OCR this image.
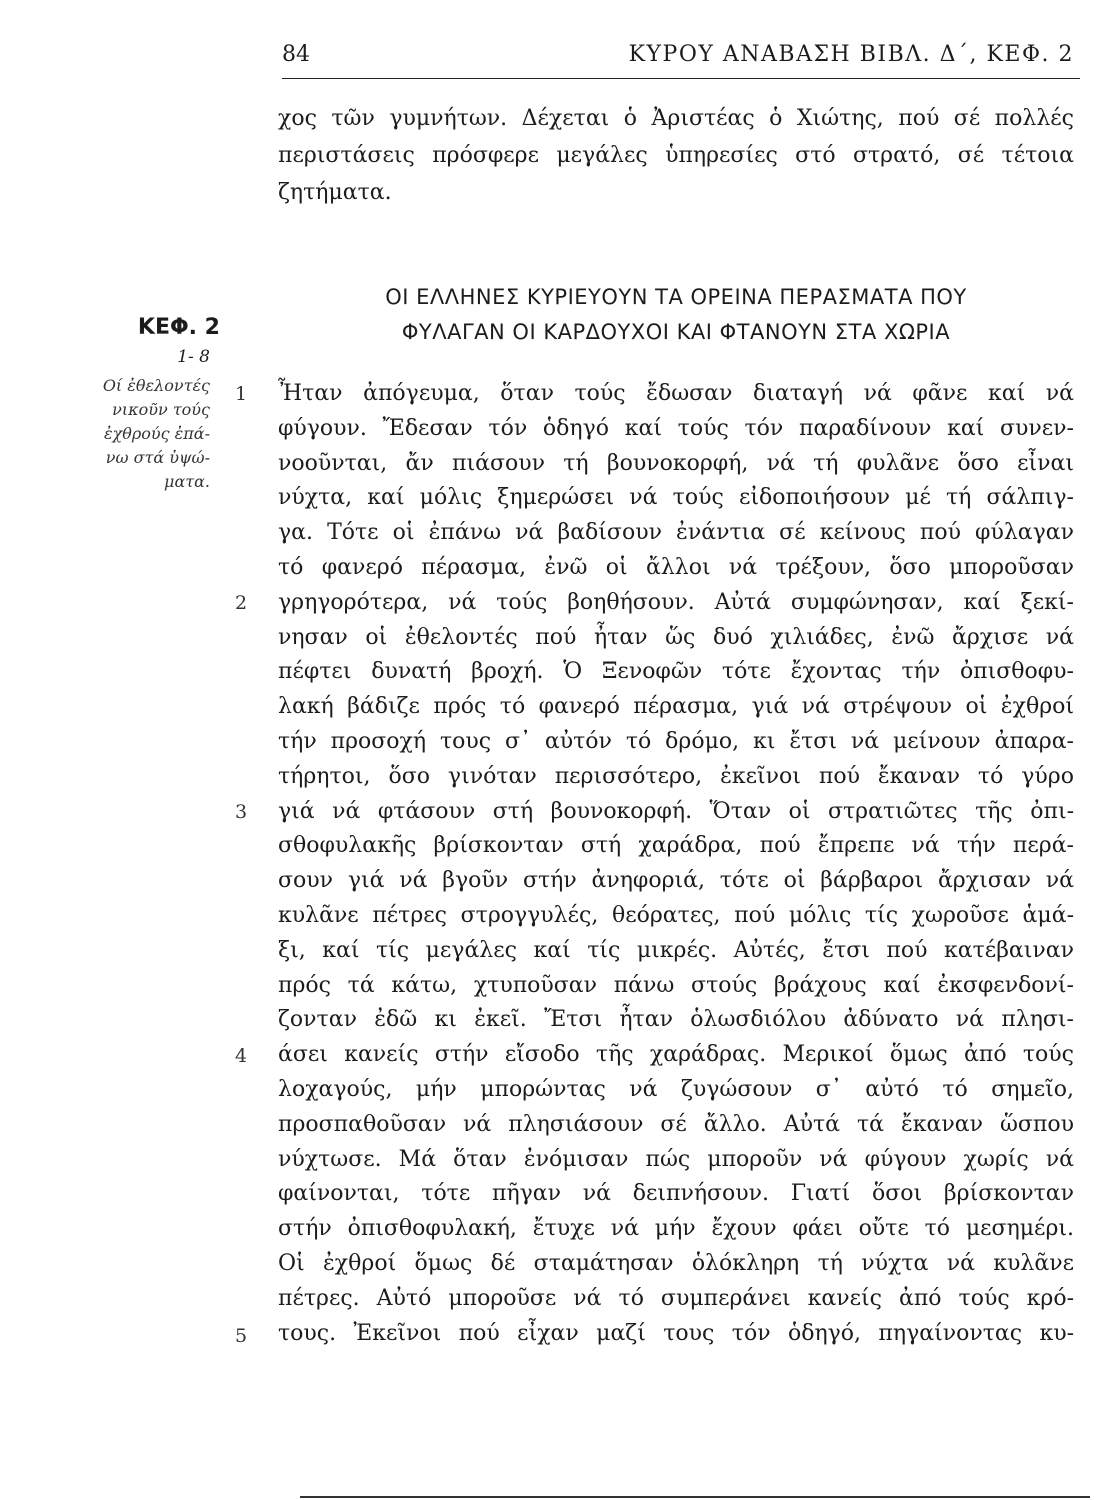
84	ΚΥΡΟΥ ΑΝΑΒΑΣΗ ΒΙΒΛ. Δ΄, ΚΕΦ. 2
χος τῶν γυμνήτων. Δέχεται ὁ Ἀριστέας ὁ Χιώτης, πού σέ πολλές
περιστάσεις πρόσφερε μεγάλες ὑπηρεσίες στό στρατό, σέ τέτοια
ζητήματα.
ΟΙ ΕΛΛΗΝΕΣ ΚΥΡΙΕΥΟΥΝ ΤΑ ΟΡΕΙΝΑ ΠΕΡΑΣΜΑΤΑ ΠΟΥ
ΦΥΛΑΓΑΝ ΟΙ ΚΑΡΔΟΥΧΟΙ ΚΑΙ ΦΤΑΝΟΥΝ ΣΤΑ ΧΩΡΙΑ
ΚΕΦ. 2
1- 8
Οί ἐθελοντές
νικοῦν τούς
ἐχθρούς ἐπά-
νω στά ὑψώ-
ματα.
1
2
3
4
5
Ἦταν ἀπόγευμα, ὅταν τούς ἔδωσαν διαταγή νά φᾶνε καί νά
φύγουν. Ἔδεσαν τόν ὁδηγό καί τούς τόν παραδίνουν καί συνεν-
νοοῦνται, ἄν πιάσουν τή βουνοκορφή, νά τή φυλᾶνε ὅσο εἶναι
νύχτα, καί μόλις ξημερώσει νά τούς εἰδοποιήσουν μέ τή σάλπιγ-
γα. Τότε οἱ ἐπάνω νά βαδίσουν ἐνάντια σέ κείνους πού φύλαγαν
τό φανερό πέρασμα, ἐνῶ οἱ ἄλλοι νά τρέξουν, ὅσο μποροῦσαν
γρηγορότερα, νά τούς βοηθήσουν. Αὐτά συμφώνησαν, καί ξεκί-
νησαν οἱ ἐθελοντές πού ἦταν ὥς δυό χιλιάδες, ἐνῶ ἄρχισε νά
πέφτει δυνατή βροχή. Ὁ Ξενοφῶν τότε ἔχοντας τήν ὀπισθοφυ-
λακή βάδιζε πρός τό φανερό πέρασμα, γιά νά στρέψουν οἱ ἐχθροί
τήν προσοχή τους σ᾽ αὐτόν τό δρόμο, κι ἔτσι νά μείνουν ἀπαρα-
τήρητοι, ὅσο γινόταν περισσότερο, ἐκεῖνοι πού ἔκαναν τό γύρο
γιά νά φτάσουν στή βουνοκορφή. Ὅταν οἱ στρατιῶτες τῆς ὀπι-
σθοφυλακῆς βρίσκονταν στή χαράδρα, πού ἔπρεπε νά τήν περά-
σουν γιά νά βγοῦν στήν ἀνηφοριά, τότε οἱ βάρβαροι ἄρχισαν νά
κυλᾶνε πέτρες στρογγυλές, θεόρατες, πού μόλις τίς χωροῦσε ἁμά-
ξι, καί τίς μεγάλες καί τίς μικρές. Αὐτές, ἔτσι πού κατέβαιναν
πρός τά κάτω, χτυποῦσαν πάνω στούς βράχους καί ἐκσφενδονί-
ζονταν ἐδῶ κι ἐκεῖ. Ἔτσι ἦταν ὁλωσδιόλου ἀδύνατο νά πλησι-
άσει κανείς στήν εἴσοδο τῆς χαράδρας. Μερικοί ὅμως ἀπό τούς
λοχαγούς, μήν μπορώντας νά ζυγώσουν σ᾽ αὐτό τό σημεῖο,
προσπαθοῦσαν νά πλησιάσουν σέ ἄλλο. Αὐτά τά ἔκαναν ὥσπου
νύχτωσε. Μά ὅταν ἐνόμισαν πώς μποροῦν νά φύγουν χωρίς νά
φαίνονται, τότε πῆγαν νά δειπνήσουν. Γιατί ὅσοι βρίσκονταν
στήν ὀπισθοφυλακή, ἔτυχε νά μήν ἔχουν φάει οὔτε τό μεσημέρι.
Οἱ ἐχθροί ὅμως δέ σταμάτησαν ὁλόκληρη τή νύχτα νά κυλᾶνε
πέτρες. Αὐτό μποροῦσε νά τό συμπεράνει κανείς ἀπό τούς κρό-
τους. Ἐκεῖνοι πού εἶχαν μαζί τους τόν ὁδηγό, πηγαίνοντας κυ-
